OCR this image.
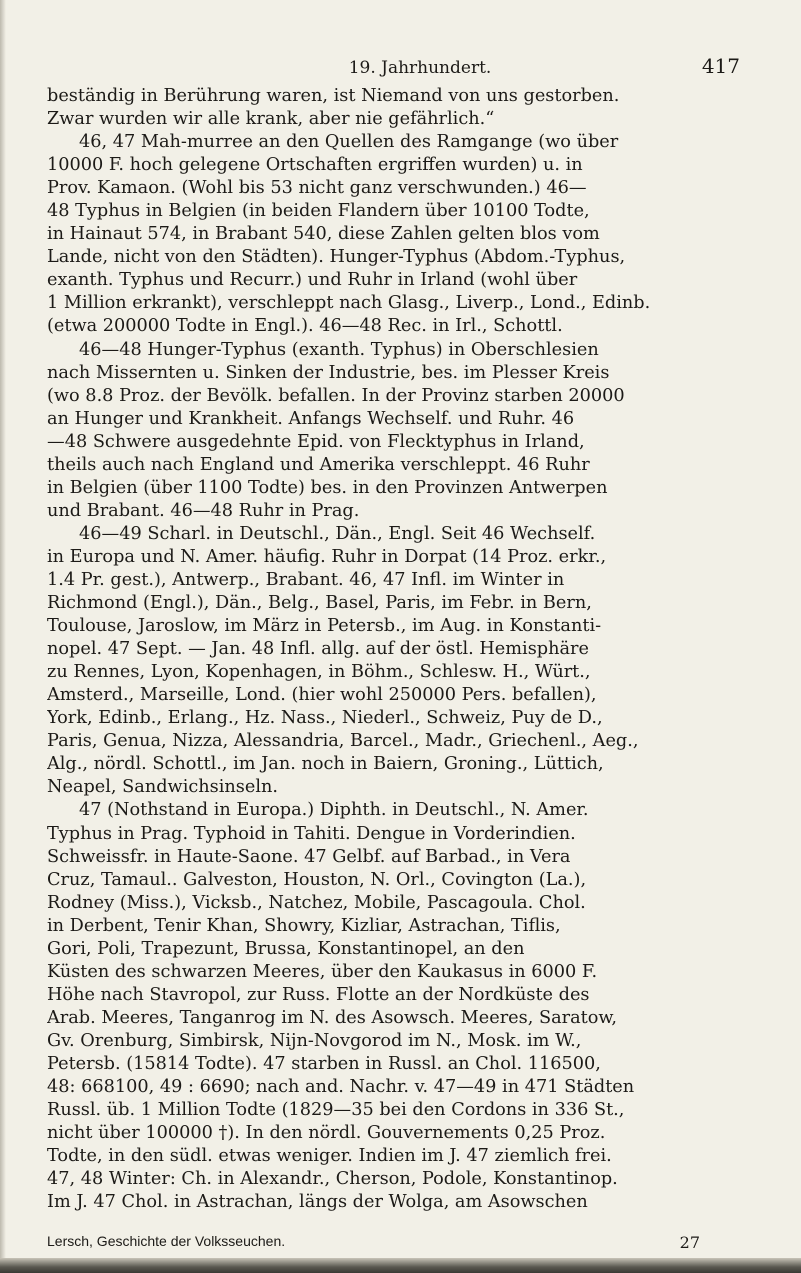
19. Jahrhundert.	417
beständig in Berührung waren, ist Niemand von uns gestorben.
Zwar wurden wir alle krank, aber nie gefährlich.“
46, 47 Mah-murree an den Quellen des Ramgange (wo über
10000 F. hoch gelegene Ortschaften ergriffen wurden) u. in
Prov. Kamaon. (Wohl bis 53 nicht ganz verschwunden.) 46—
48 Typhus in Belgien (in beiden Flandern über 10100 Todte,
in Hainaut 574, in Brabant 540, diese Zahlen gelten blos vom
Lande, nicht von den Städten). Hunger-Typhus (Abdom.-Typhus,
exanth. Typhus und Recurr.) und Ruhr in Irland (wohl über
1 Million erkrankt), verschleppt nach Glasg., Liverp., Lond., Edinb.
(etwa 200000 Todte in Engl.). 46—48 Rec. in Irl., Schottl.
46—48 Hunger-Typhus (exanth. Typhus) in Oberschlesien
nach Missernten u. Sinken der Industrie, bes. im Plesser Kreis
(wo 8.8 Proz. der Bevölk. befallen. In der Provinz starben 20000
an Hunger und Krankheit. Anfangs Wechself. und Ruhr. 46
—48 Schwere ausgedehnte Epid. von Flecktyphus in Irland,
theils auch nach England und Amerika verschleppt. 46 Ruhr
in Belgien (über 1100 Todte) bes. in den Provinzen Antwerpen
und Brabant. 46—48 Ruhr in Prag.
46—49 Scharl. in Deutschl., Dän., Engl. Seit 46 Wechself.
in Europa und N. Amer. häufig. Ruhr in Dorpat (14 Proz. erkr.,
1.4 Pr. gest.), Antwerp., Brabant. 46, 47 Infl. im Winter in
Richmond (Engl.), Dän., Belg., Basel, Paris, im Febr. in Bern,
Toulouse, Jaroslow, im März in Petersb., im Aug. in Konstanti-
nopel. 47 Sept. — Jan. 48 Infl. allg. auf der östl. Hemisphäre
zu Rennes, Lyon, Kopenhagen, in Böhm., Schlesw. H., Würt.,
Amsterd., Marseille, Lond. (hier wohl 250000 Pers. befallen),
York, Edinb., Erlang., Hz. Nass., Niederl., Schweiz, Puy de D.,
Paris, Genua, Nizza, Alessandria, Barcel., Madr., Griechenl., Aeg.,
Alg., nördl. Schottl., im Jan. noch in Baiern, Groning., Lüttich,
Neapel, Sandwichsinseln.
47 (Nothstand in Europa.) Diphth. in Deutschl., N. Amer.
Typhus in Prag. Typhoid in Tahiti. Dengue in Vorderindien.
Schweissfr. in Haute-Saone. 47 Gelbf. auf Barbad., in Vera
Cruz, Tamaul.. Galveston, Houston, N. Orl., Covington (La.),
Rodney (Miss.), Vicksb., Natchez, Mobile, Pascagoula. Chol.
in Derbent, Tenir Khan, Showry, Kizliar, Astrachan, Tiflis,
Gori, Poli, Trapezunt, Brussa, Konstantinopel, an den
Küsten des schwarzen Meeres, über den Kaukasus in 6000 F.
Höhe nach Stavropol, zur Russ. Flotte an der Nordküste des
Arab. Meeres, Tanganrog im N. des Asowsch. Meeres, Saratow,
Gv. Orenburg, Simbirsk, Nijn-Novgorod im N., Mosk. im W.,
Petersb. (15814 Todte). 47 starben in Russl. an Chol. 116500,
48: 668100, 49 : 6690; nach and. Nachr. v. 47—49 in 471 Städten
Russl. üb. 1 Million Todte (1829—35 bei den Cordons in 336 St.,
nicht über 100000 †). In den nördl. Gouvernements 0,25 Proz.
Todte, in den südl. etwas weniger. Indien im J. 47 ziemlich frei.
47, 48 Winter: Ch. in Alexandr., Cherson, Podole, Konstantinop.
Im J. 47 Chol. in Astrachan, längs der Wolga, am Asowschen
Lersch, Geschichte der Volksseuchen.	27
